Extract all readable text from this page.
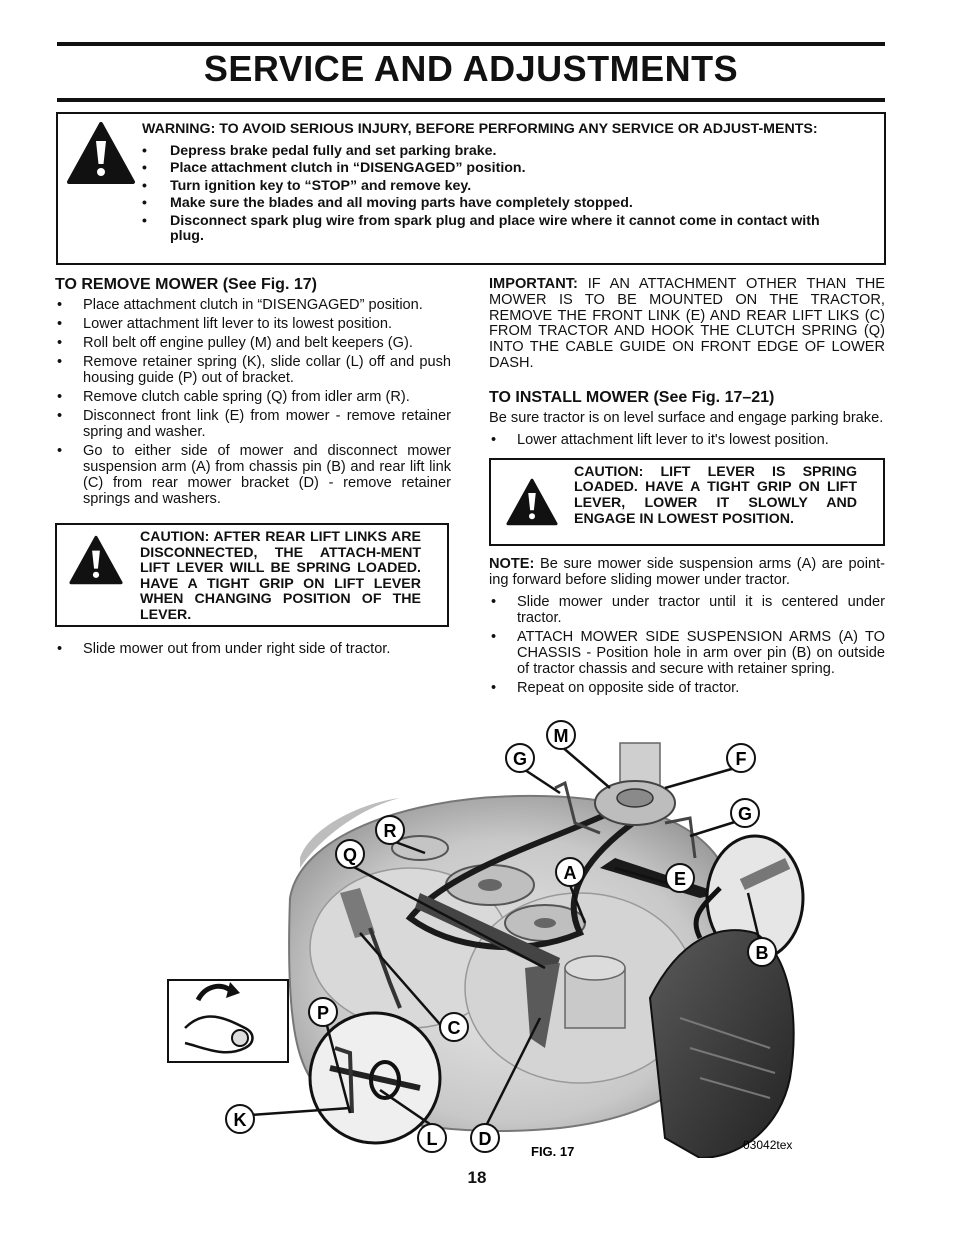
SERVICE AND ADJUSTMENTS
WARNING: TO AVOID SERIOUS INJURY, BEFORE PERFORMING ANY SERVICE OR ADJUST-MENTS:
• Depress brake pedal fully and set parking brake.
• Place attachment clutch in “DISENGAGED” position.
• Turn ignition key to “STOP” and remove key.
• Make sure the blades and all moving parts have completely stopped.
• Disconnect spark plug wire from spark plug and place wire where it cannot come in contact with plug.
TO REMOVE MOWER (See Fig. 17)
• Place attachment clutch in “DISENGAGED” position.
• Lower attachment lift lever to its lowest position.
• Roll belt off engine pulley (M) and belt keepers (G).
• Remove retainer spring (K), slide collar (L) off and push housing guide (P) out of bracket.
• Remove clutch cable spring (Q) from idler arm (R).
• Disconnect front link (E) from mower - remove retainer spring and washer.
• Go to either side of mower and disconnect mower suspension arm (A) from chassis pin (B) and rear lift link (C) from rear mower bracket (D) - remove retainer springs and washers.
CAUTION: AFTER REAR LIFT LINKS ARE DISCONNECTED, THE ATTACH-MENT LIFT LEVER WILL BE SPRING LOADED. HAVE A TIGHT GRIP ON LIFT LEVER WHEN CHANGING POSITION OF THE LEVER.
• Slide mower out from under right side of tractor.

IMPORTANT: IF AN ATTACHMENT OTHER THAN THE MOWER IS TO BE MOUNTED ON THE TRACTOR, REMOVE THE FRONT LINK (E) AND REAR LIFT LIKS (C) FROM TRACTOR AND HOOK THE CLUTCH SPRING (Q) INTO THE CABLE GUIDE ON FRONT EDGE OF LOWER DASH.

TO INSTALL MOWER (See Fig. 17–21)

Be sure tractor is on level surface and engage parking brake.

• Lower attachment lift lever to it's lowest position.
CAUTION: LIFT LEVER IS SPRING LOADED. HAVE A TIGHT GRIP ON LIFT LEVER, LOWER IT SLOWLY AND ENGAGE IN LOWEST POSITION.

NOTE: Be sure mower side suspension arms (A) are point-ing forward before sliding mower under tractor.

• Slide mower under tractor until it is centered under tractor.
• ATTACH MOWER SIDE SUSPENSION ARMS (A) TO CHASSIS - Position hole in arm over pin (B) on outside of tractor chassis and secure with retainer spring.
• Repeat on opposite side of tractor.
M
G	F
G
R
Q
A	E
B
P
C
K
L D
FIG. 17	03042tex
18
